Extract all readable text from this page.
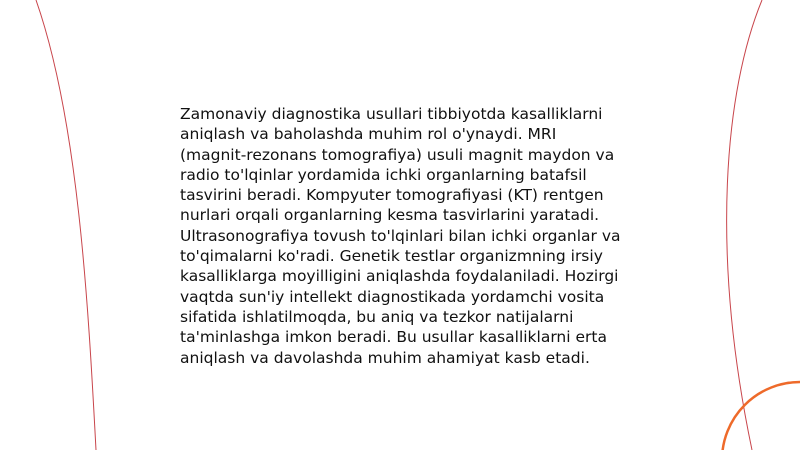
Zamonaviy diagnostika usullari tibbiyotda kasalliklarni aniqlash va baholashda muhim rol o'ynaydi. MRI (magnit-rezonans tomografiya) usuli magnit maydon va radio to'lqinlar yordamida ichki organlarning batafsil tasvirini beradi. Kompyuter tomografiyasi (KT) rentgen nurlari orqali organlarning kesma tasvirlarini yaratadi. Ultrasonografiya tovush to'lqinlari bilan ichki organlar va to'qimalarni ko'radi. Genetik testlar organizmning irsiy kasalliklarga moyilligini aniqlashda foydalaniladi. Hozirgi vaqtda sun'iy intellekt diagnostikada yordamchi vosita sifatida ishlatilmoqda, bu aniq va tezkor natijalarni ta'minlashga imkon beradi. Bu usullar kasalliklarni erta aniqlash va davolashda muhim ahamiyat kasb etadi.
